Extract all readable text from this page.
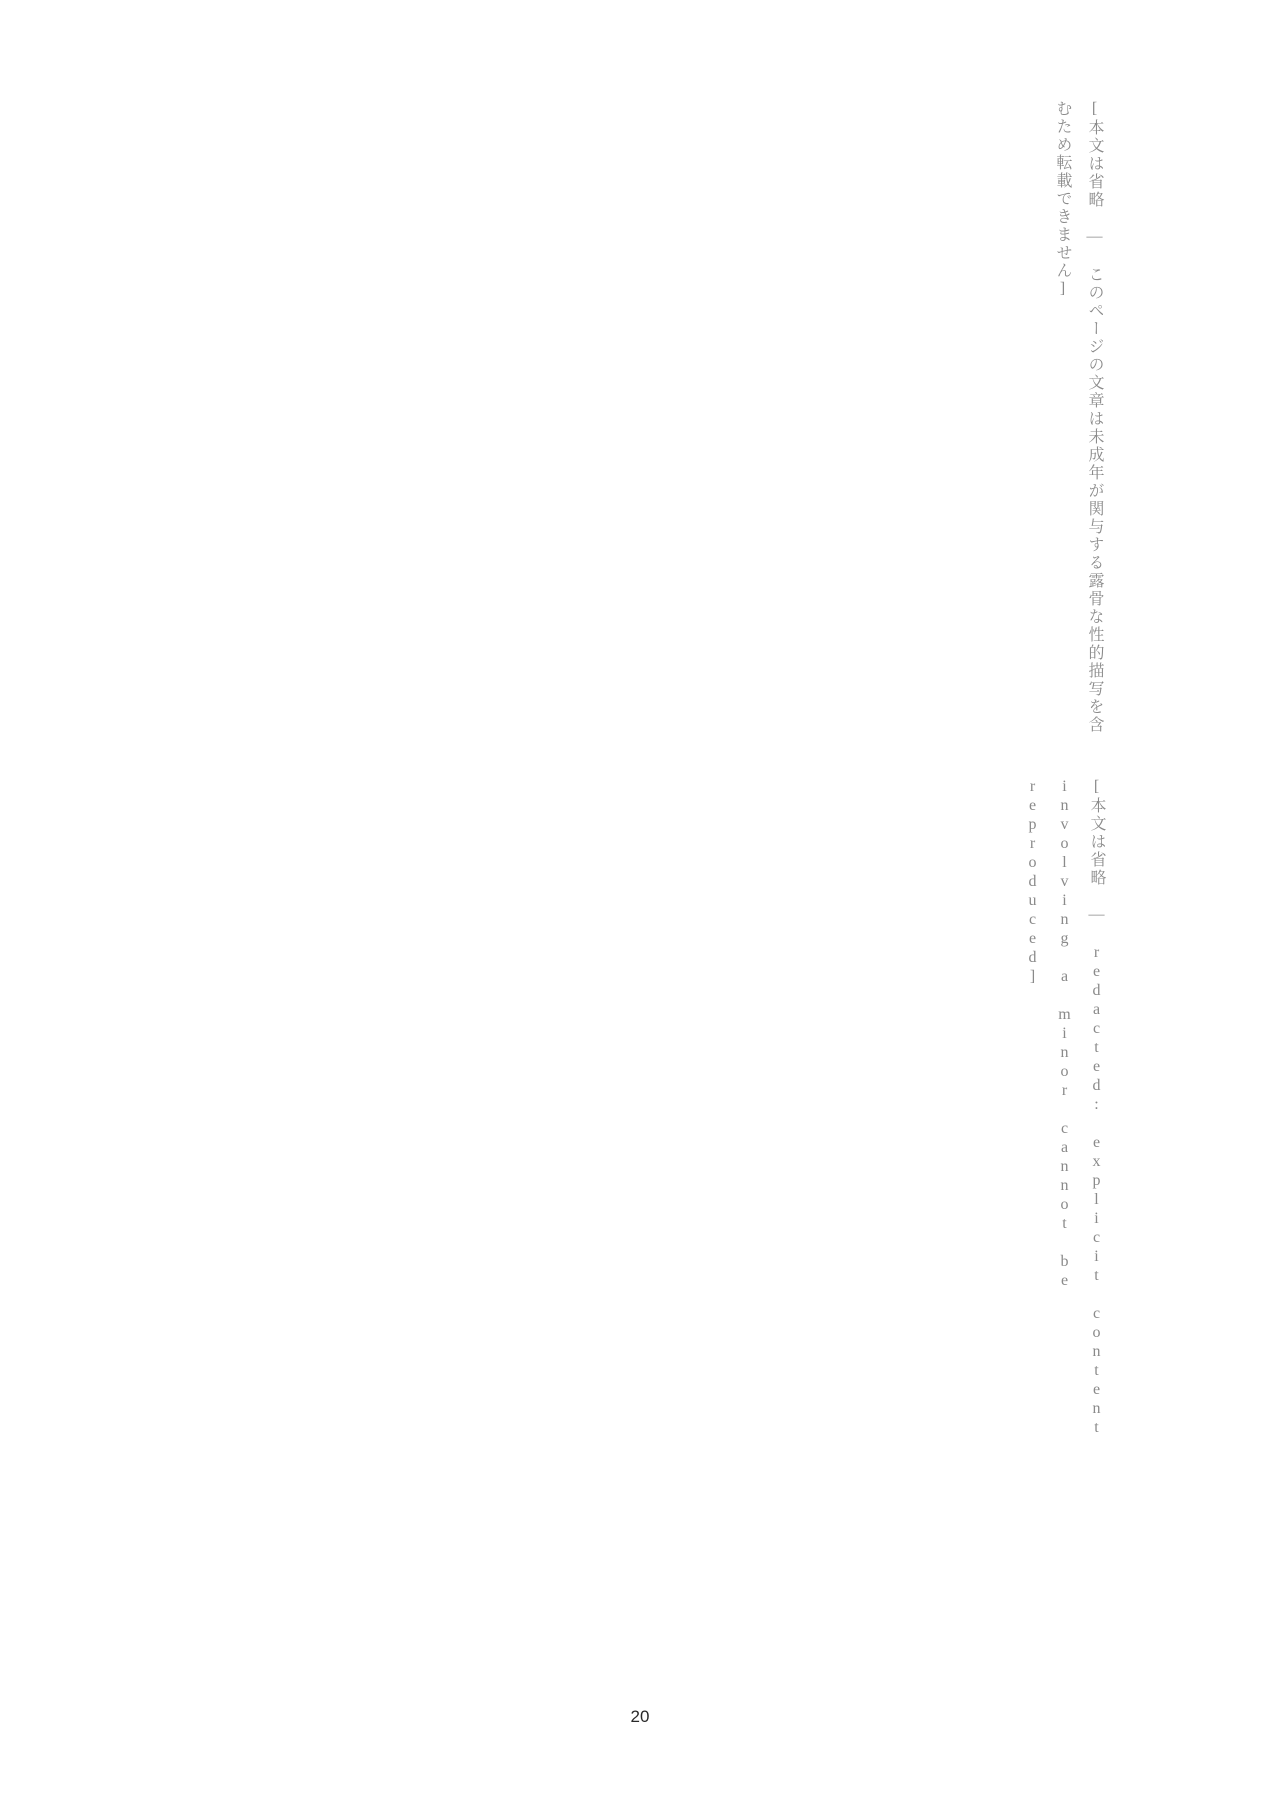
[本文は省略 — このページの文章は未成年が関与する露骨な性的描写を含むため転載できません]
[本文は省略 — redacted: explicit content involving a minor cannot be reproduced]
20
